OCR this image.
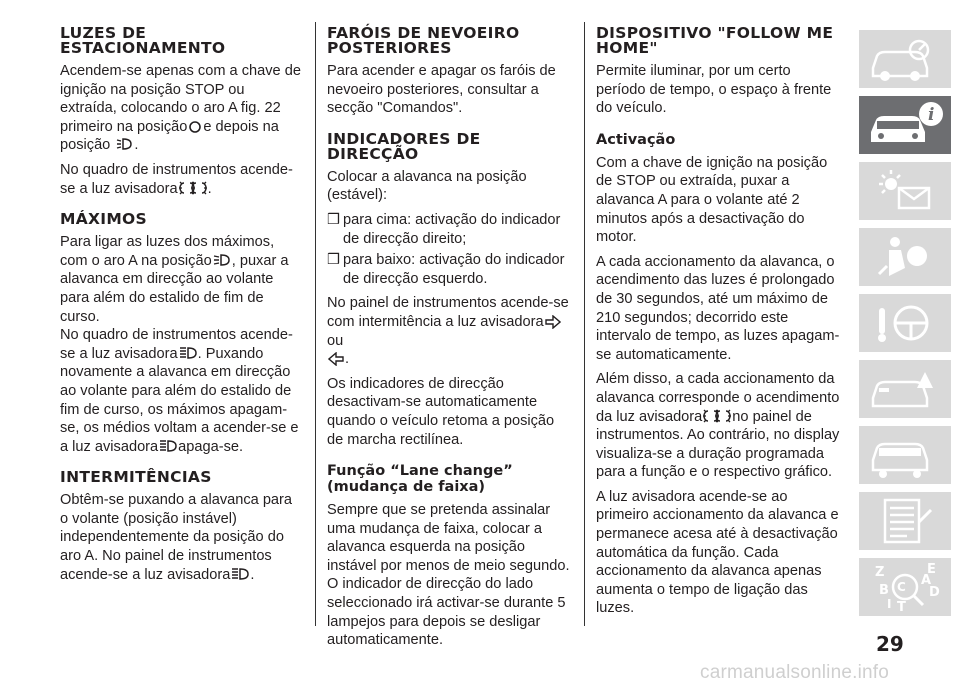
LUZES DE ESTACIONAMENTO

Acendem-se apenas com a chave de ignição na posição STOP ou extraída, colocando o aro A fig. 22 primeiro na posição e depois na posição .

No quadro de instrumentos acende-se a luz avisadora .

MÁXIMOS

Para ligar as luzes dos máximos, com o aro A na posição , puxar a alavanca em direcção ao volante para além do estalido de fim de curso.
No quadro de instrumentos acende-se a luz avisadora . Puxando novamente a alavanca em direcção ao volante para além do estalido de fim de curso, os máximos apagam-se, os médios voltam a acender-se e a luz avisadora apaga-se.

INTERMITÊNCIAS

Obtêm-se puxando a alavanca para o volante (posição instável) independentemente da posição do aro A. No painel de instrumentos acende-se a luz avisadora .

FARÓIS DE NEVOEIRO POSTERIORES

Para acender e apagar os faróis de nevoeiro posteriores, consultar a secção "Comandos".

INDICADORES DE DIRECÇÃO

Colocar a alavanca na posição (estável):

❒ para cima: activação do indicador de direcção direito;
❒ para baixo: activação do indicador de direcção esquerdo.

No painel de instrumentos acende-se com intermitência a luz avisadoraou
.

Os indicadores de direcção desactivam-se automaticamente quando o veículo retoma a posição de marcha rectilínea.

Função “Lane change” (mudança de faixa)

Sempre que se pretenda assinalar uma mudança de faixa, colocar a alavanca esquerda na posição instável por menos de meio segundo. O indicador de direcção do lado seleccionado irá activar-se durante 5 lampejos para depois se desligar automaticamente.

DISPOSITIVO "FOLLOW ME HOME"

Permite iluminar, por um certo período de tempo, o espaço à frente do veículo.

Activação

Com a chave de ignição na posição de STOP ou extraída, puxar a alavanca A para o volante até 2 minutos após a desactivação do motor.

A cada accionamento da alavanca, o acendimento das luzes é prolongado de 30 segundos, até um máximo de 210 segundos; decorrido este intervalo de tempo, as luzes apagam-se automaticamente.

Além disso, a cada accionamento da alavanca corresponde o acendimento da luz avisadora no painel de instrumentos. Ao contrário, no display visualiza-se a duração programada para a função e o respectivo gráfico.

A luz avisadora acende-se ao primeiro accionamento da alavanca e permanece acesa até à desactivação automática da função. Cada accionamento da alavanca apenas aumenta o tempo de ligação das luzes.

i
Z	E
B C D
I T
A
29
carmanualsonline.info
